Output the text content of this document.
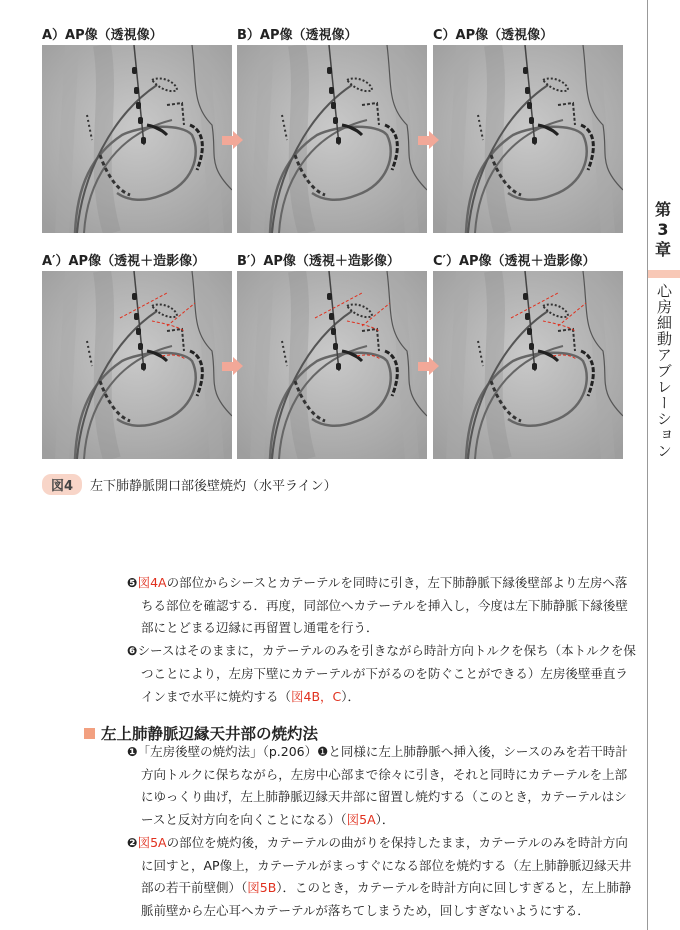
A）AP像（透視像）	B）AP像（透視像）	C）AP像（透視像）
A′）AP像（透視＋造影像） B′）AP像（透視＋造影像）	C′）AP像（透視＋造影像）
図4	左下肺静脈開口部後壁焼灼（水平ライン）
第
3
章
心房細動アブレーション

❺図4Aの部位からシースとカテーテルを同時に引き，左下肺静脈下縁後壁部より左房へ落ちる部位を確認する．再度，同部位へカテーテルを挿入し，今度は左下肺静脈下縁後壁部にとどまる辺縁に再留置し通電を行う．

❻シースはそのままに，カテーテルのみを引きながら時計方向トルクを保ち（本トルクを保つことにより，左房下壁にカテーテルが下がるのを防ぐことができる）左房後壁垂直ラインまで水平に焼灼する（図4B，C）．

左上肺静脈辺縁天井部の焼灼法

❶「左房後壁の焼灼法」（p.206）❶と同様に左上肺静脈へ挿入後，シースのみを若干時計方向トルクに保ちながら，左房中心部まで徐々に引き，それと同時にカテーテルを上部にゆっくり曲げ，左上肺静脈辺縁天井部に留置し焼灼する（このとき，カテーテルはシースと反対方向を向くことになる）（図5A）．

❷図5Aの部位を焼灼後，カテーテルの曲がりを保持したまま，カテーテルのみを時計方向に回すと，AP像上，カテーテルがまっすぐになる部位を焼灼する（左上肺静脈辺縁天井部の若干前壁側）（図5B）．このとき，カテーテルを時計方向に回しすぎると，左上肺静脈前壁から左心耳へカテーテルが落ちてしまうため，回しすぎないようにする．
